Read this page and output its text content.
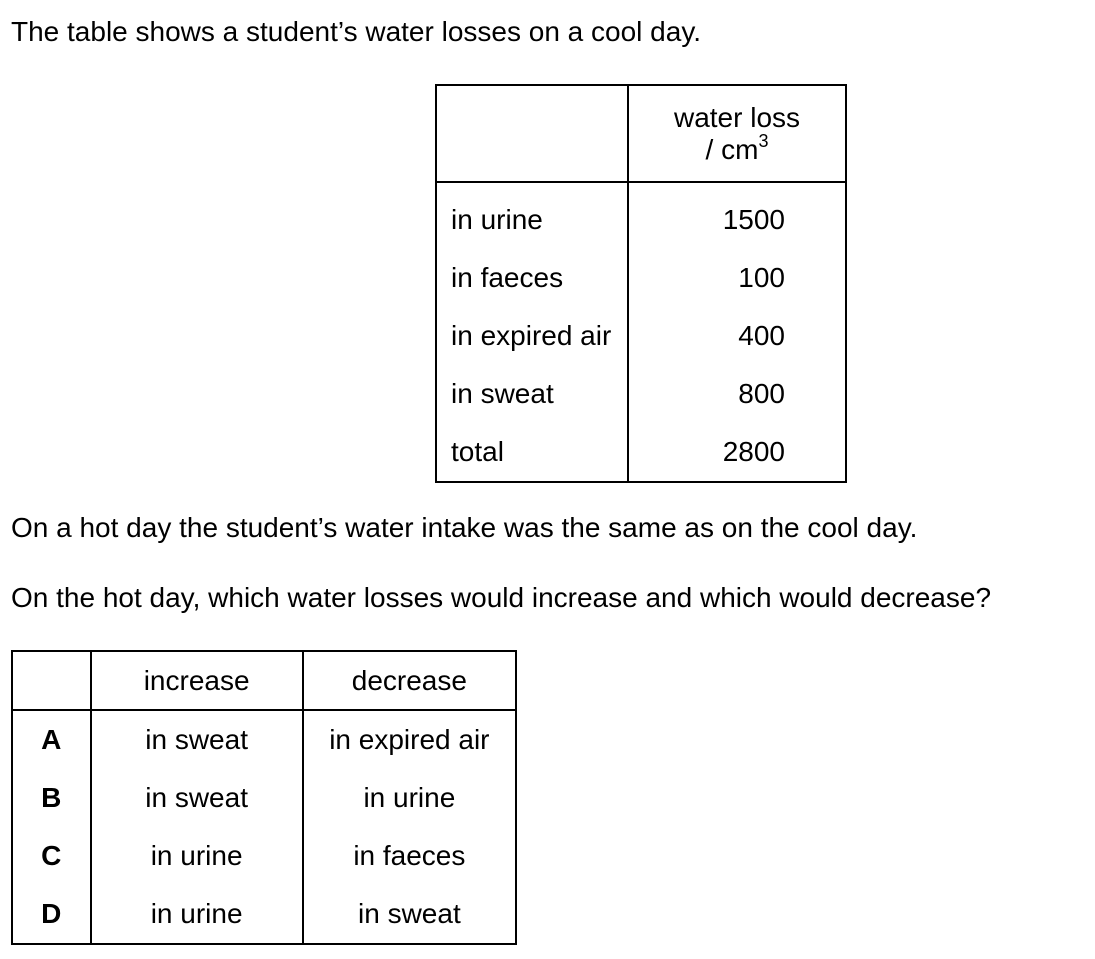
The table shows a student’s water losses on a cool day.
	water loss
/ $cm^3$
in urine	1500
in faeces	100
in expired air	400
in sweat	800
total	2800
On a hot day the student’s water intake was the same as on the cool day.
On the hot day, which water losses would increase and which would decrease?
	increase	decrease
A	in sweat	in expired air
B	in sweat	in urine
C	in urine	in faeces
D	in urine	in sweat
